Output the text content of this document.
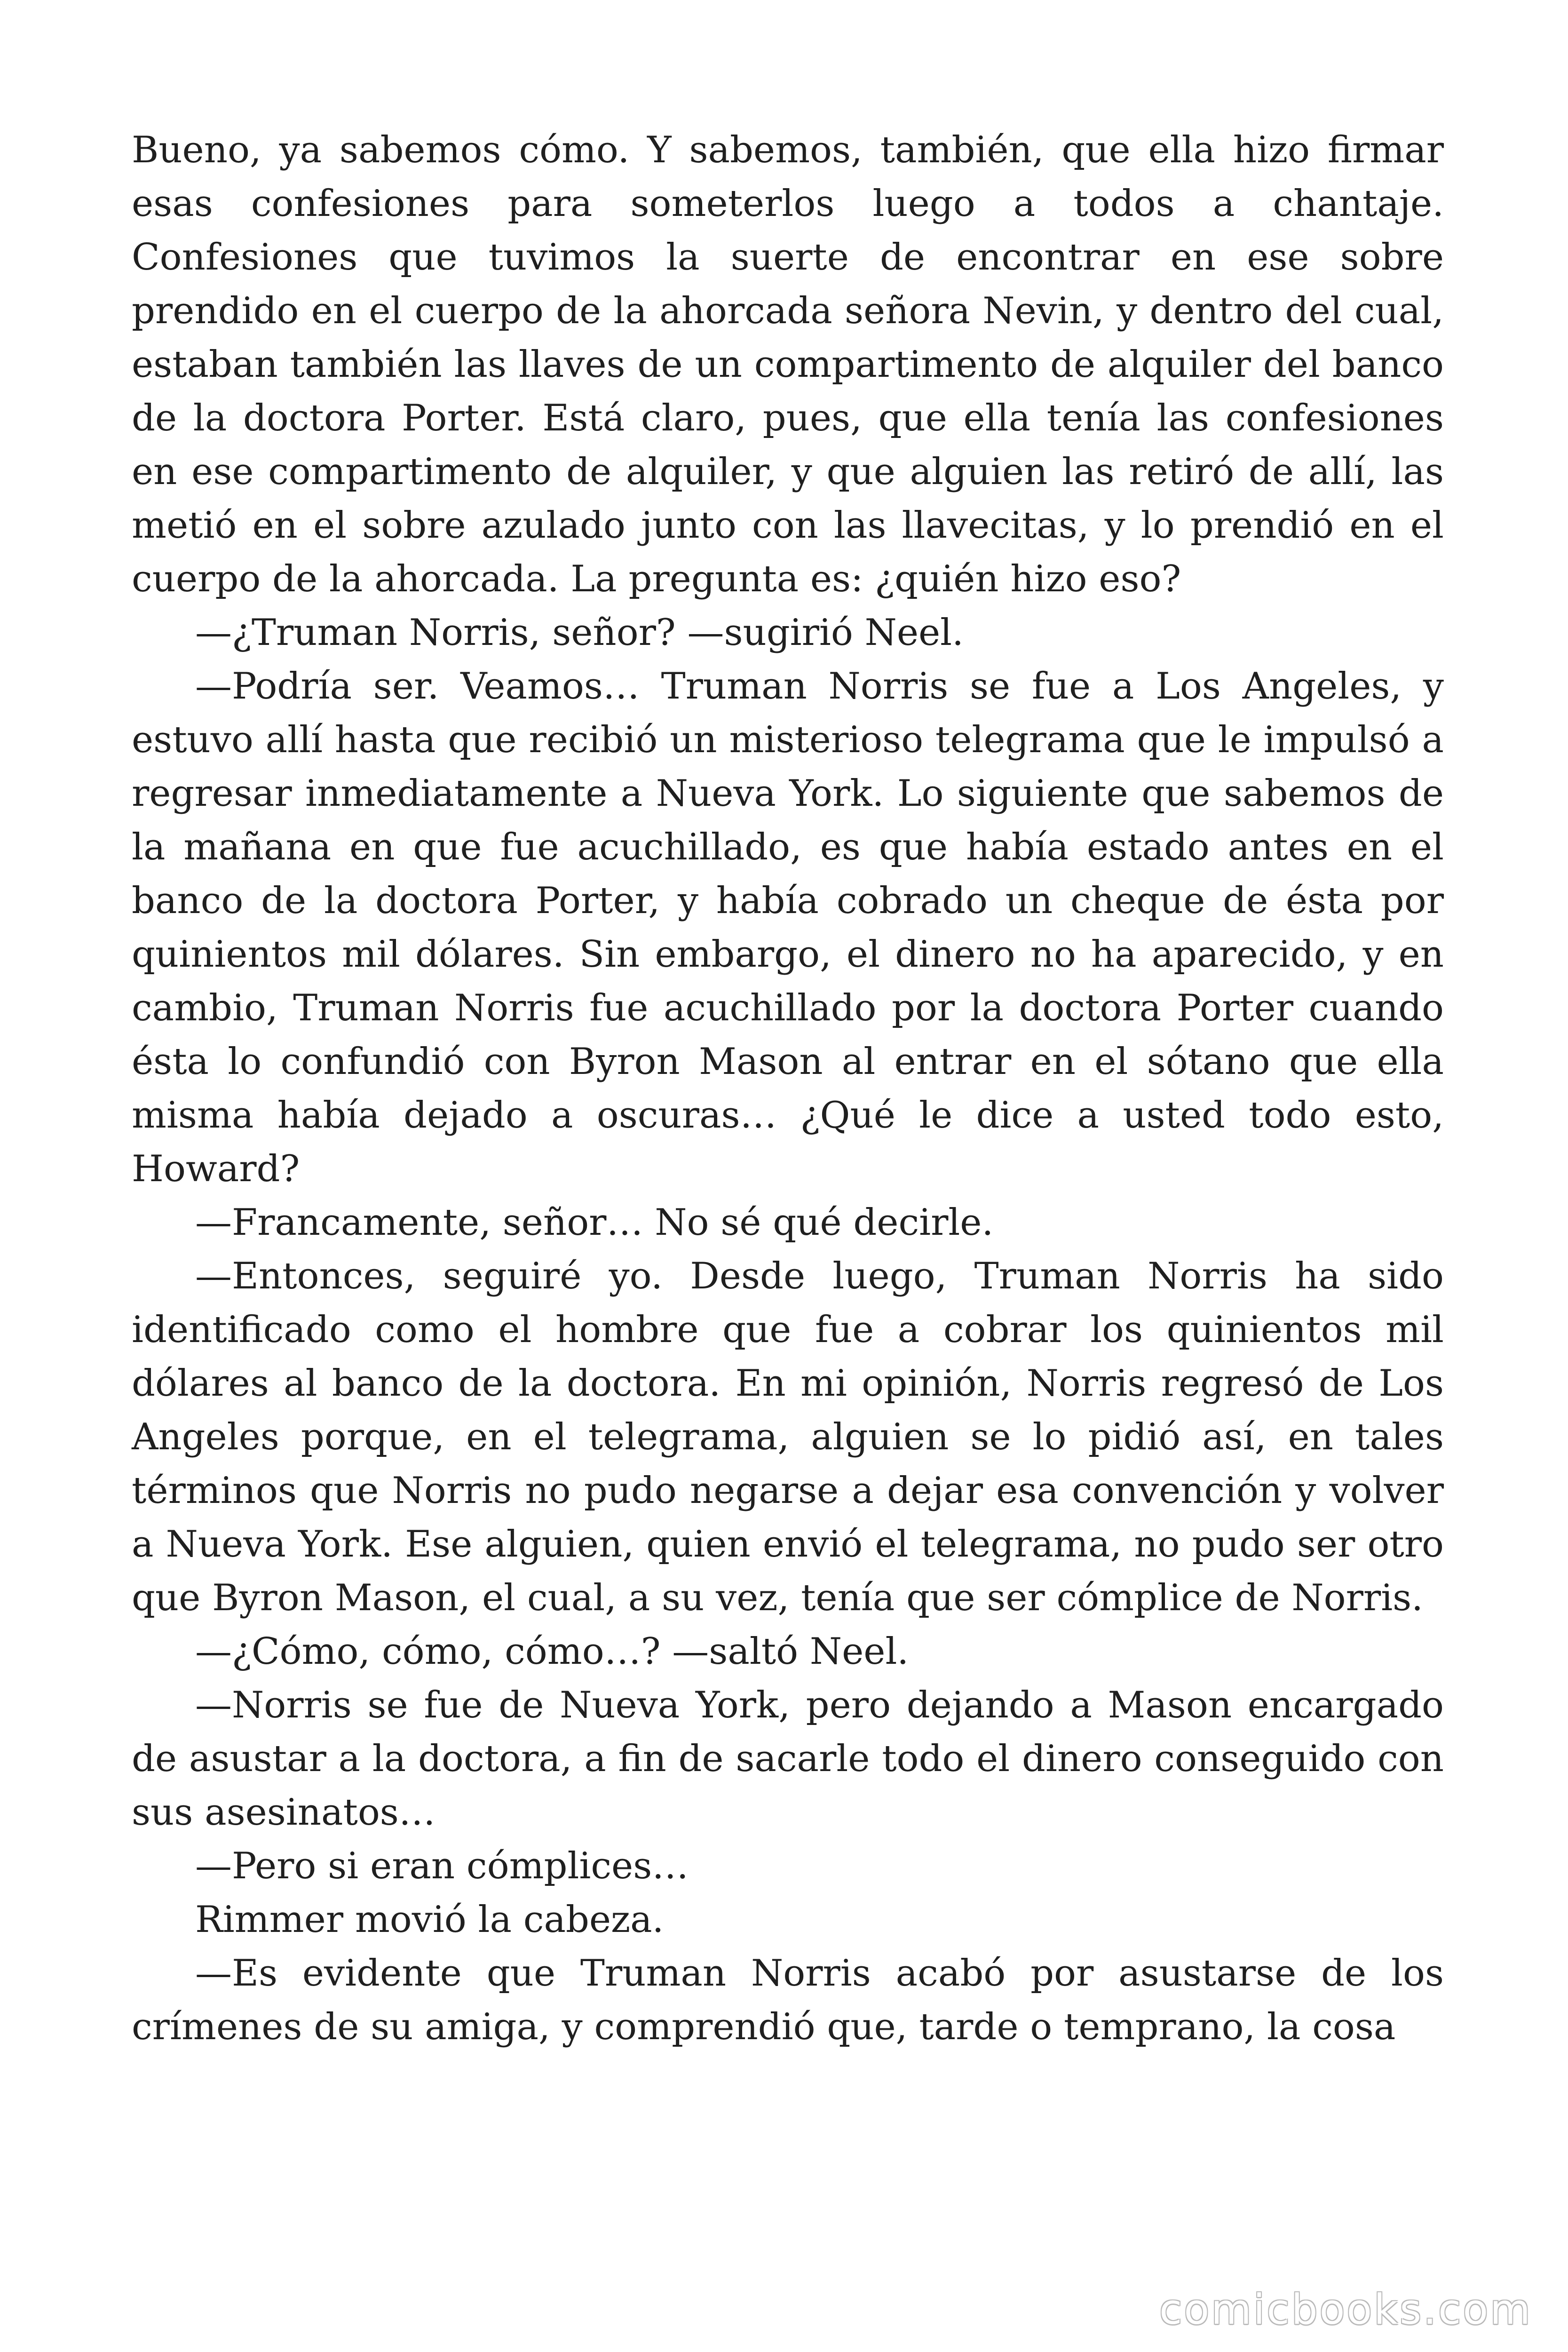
Bueno, ya sabemos cómo. Y sabemos, también, que ella hizo firmar esas confesiones para someterlos luego a todos a chantaje. Confesiones que tuvimos la suerte de encontrar en ese sobre prendido en el cuerpo de la ahorcada señora Nevin, y dentro del cual, estaban también las llaves de un compartimento de alquiler del banco de la doctora Porter. Está claro, pues, que ella tenía las confesiones en ese compartimento de alquiler, y que alguien las retiró de allí, las metió en el sobre azulado junto con las llavecitas, y lo prendió en el cuerpo de la ahorcada. La pregunta es: ¿quién hizo eso?

—¿Truman Norris, señor? —sugirió Neel.

—Podría ser. Veamos… Truman Norris se fue a Los Angeles, y estuvo allí hasta que recibió un misterioso telegrama que le impulsó a regresar inmediatamente a Nueva York. Lo siguiente que sabemos de la mañana en que fue acuchillado, es que había estado antes en el banco de la doctora Porter, y había cobrado un cheque de ésta por quinientos mil dólares. Sin embargo, el dinero no ha aparecido, y en cambio, Truman Norris fue acuchillado por la doctora Porter cuando ésta lo confundió con Byron Mason al entrar en el sótano que ella misma había dejado a oscuras… ¿Qué le dice a usted todo esto, Howard?

—Francamente, señor… No sé qué decirle.

—Entonces, seguiré yo. Desde luego, Truman Norris ha sido identificado como el hombre que fue a cobrar los quinientos mil dólares al banco de la doctora. En mi opinión, Norris regresó de Los Angeles porque, en el telegrama, alguien se lo pidió así, en tales términos que Norris no pudo negarse a dejar esa convención y volver a Nueva York. Ese alguien, quien envió el telegrama, no pudo ser otro que Byron Mason, el cual, a su vez, tenía que ser cómplice de Norris.

—¿Cómo, cómo, cómo…? —saltó Neel.

—Norris se fue de Nueva York, pero dejando a Mason encargado de asustar a la doctora, a fin de sacarle todo el dinero conseguido con sus asesinatos…

—Pero si eran cómplices…

Rimmer movió la cabeza.

—Es evidente que Truman Norris acabó por asustarse de los crímenes de su amiga, y comprendió que, tarde o temprano, la cosa

comicbooks.com
